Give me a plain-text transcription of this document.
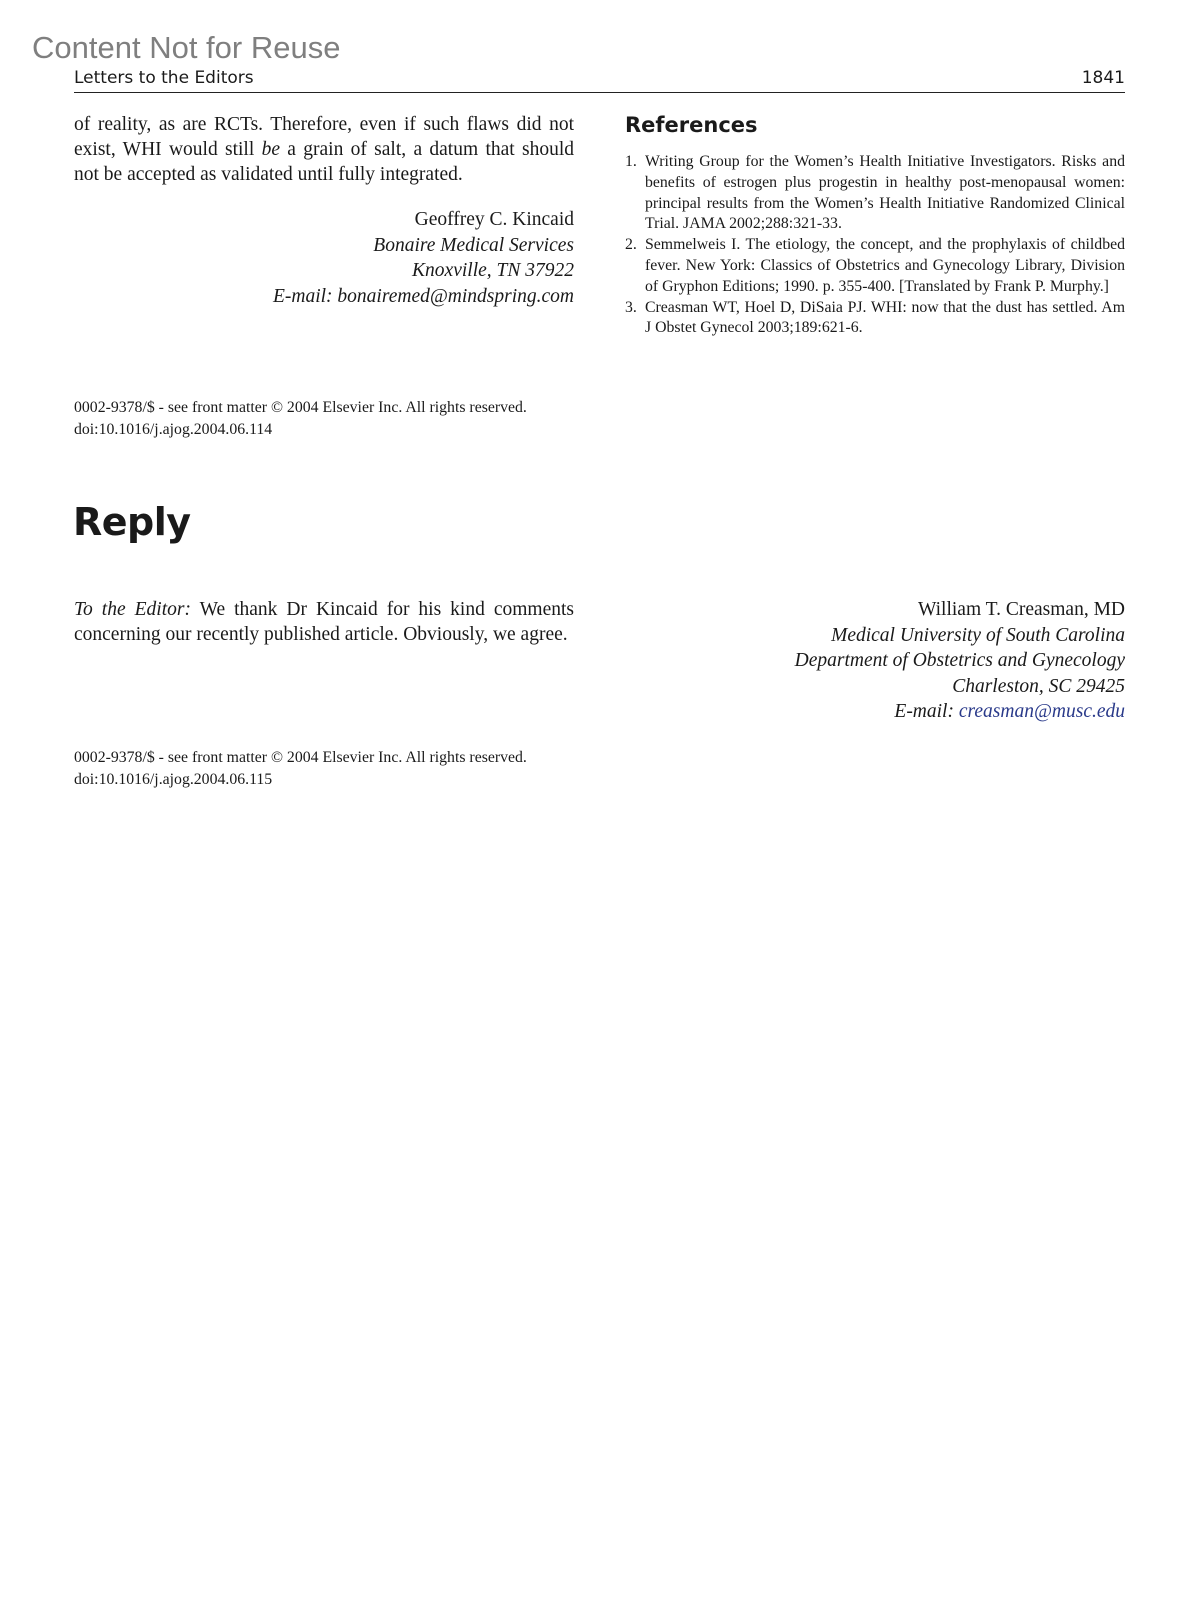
Content Not for Reuse
Letters to the Editors	1841
of reality, as are RCTs. Therefore, even if such flaws did not exist, WHI would still be a grain of salt, a datum that should not be accepted as validated until fully integrated.
Geoffrey C. Kincaid
Bonaire Medical Services
Knoxville, TN 37922
E-mail: bonairemed@mindspring.com
0002-9378/$ - see front matter © 2004 Elsevier Inc. All rights reserved.
doi:10.1016/j.ajog.2004.06.114
References
1. Writing Group for the Women’s Health Initiative Investigators. Risks and benefits of estrogen plus progestin in healthy post-menopausal women: principal results from the Women’s Health Initiative Randomized Clinical Trial. JAMA 2002;288:321-33.
2. Semmelweis I. The etiology, the concept, and the prophylaxis of childbed fever. New York: Classics of Obstetrics and Gynecology Library, Division of Gryphon Editions; 1990. p. 355-400. [Translated by Frank P. Murphy.]
3. Creasman WT, Hoel D, DiSaia PJ. WHI: now that the dust has settled. Am J Obstet Gynecol 2003;189:621-6.
Reply
To the Editor: We thank Dr Kincaid for his kind comments concerning our recently published article. Obviously, we agree.
William T. Creasman, MD
Medical University of South Carolina
Department of Obstetrics and Gynecology
Charleston, SC 29425
E-mail: creasman@musc.edu
0002-9378/$ - see front matter © 2004 Elsevier Inc. All rights reserved.
doi:10.1016/j.ajog.2004.06.115
